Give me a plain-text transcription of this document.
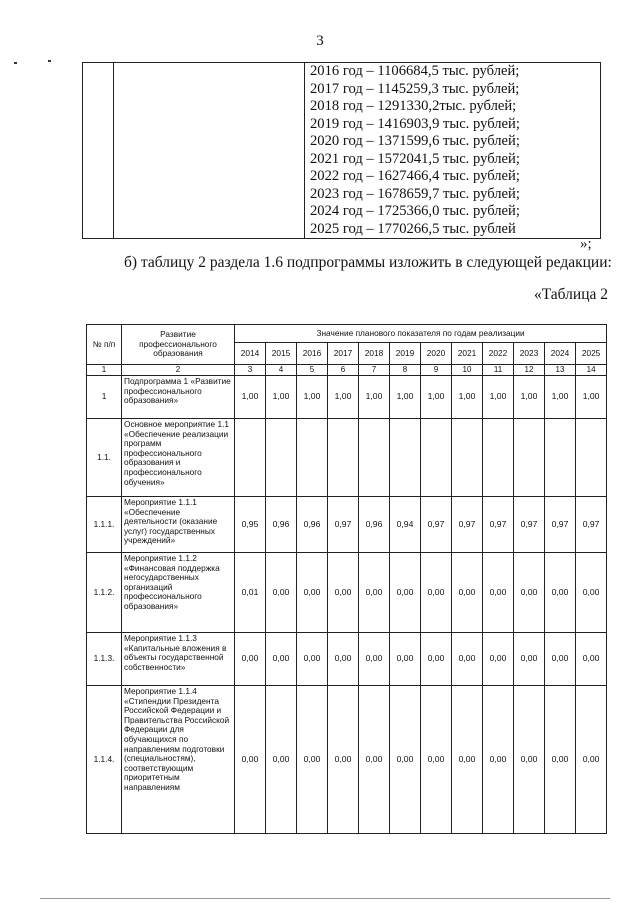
3

2016 год – 1106684,5 тыс. рублей;
2017 год – 1145259,3 тыс. рублей;
2018 год – 1291330,2тыс. рублей;
2019 год – 1416903,9 тыс. рублей;
2020 год – 1371599,6 тыс. рублей;
2021 год – 1572041,5 тыс. рублей;
2022 год – 1627466,4 тыс. рублей;
2023 год – 1678659,7 тыс. рублей;
2024 год – 1725366,0 тыс. рублей;
2025 год – 1770266,5 тыс. рублей
»;
б) таблицу 2 раздела 1.6 подпрограммы изложить в следующей редакции:
«Таблица 2
№ п/п	Развитие профессионального образования	Значение планового показателя по годам реализации											
		2014	2015	2016	2017	2018	2019	2020	2021	2022	2023	2024	2025
1	2	3	4	5	6	7	8	9	10	11	12	13	14
1	Подпрограмма 1 «Развитие профессионального образования»	1,00	1,00	1,00	1,00	1,00	1,00	1,00	1,00	1,00	1,00	1,00	1,00
1.1.	Основное мероприятие 1.1 «Обеспечение реализации программ профессионального образования и профессионального обучения»												
1.1.1.	Мероприятие 1.1.1 «Обеспечение деятельности (оказание услуг) государственных учреждений»	0,95	0,96	0,96	0,97	0,96	0,94	0,97	0,97	0,97	0,97	0,97	0,97
1.1.2.	Мероприятие 1.1.2 «Финансовая поддержка негосударственных организаций профессионального образования»	0,01	0,00	0,00	0,00	0,00	0,00	0,00	0,00	0,00	0,00	0,00	0,00
1.1.3.	Мероприятие 1.1.3 «Капитальные вложения в объекты государственной собственности»	0,00	0,00	0,00	0,00	0,00	0,00	0,00	0,00	0,00	0,00	0,00	0,00
1.1.4.	Мероприятие 1.1.4 «Стипендии Президента Российской Федерации и Правительства Российской Федерации для обучающихся по направлениям подготовки (специальностям), соответствующим приоритетным направлениям	0,00	0,00	0,00	0,00	0,00	0,00	0,00	0,00	0,00	0,00	0,00	0,00
